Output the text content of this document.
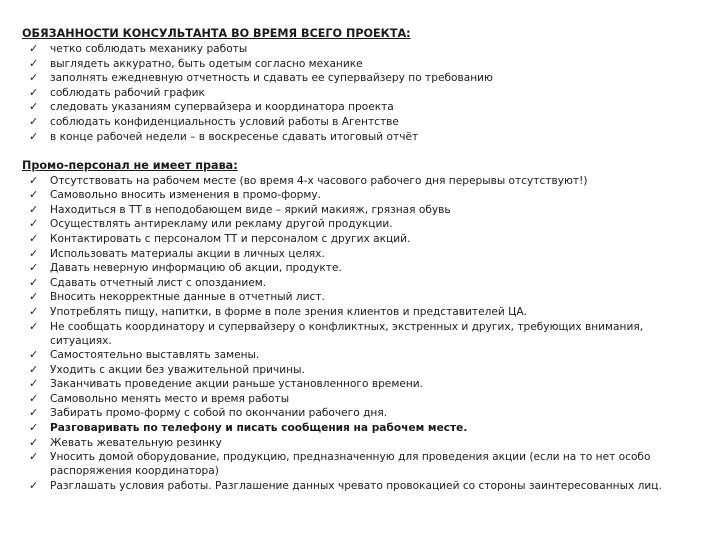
ОБЯЗАННОСТИ КОНСУЛЬТАНТА ВО ВРЕМЯ ВСЕГО ПРОЕКТА:

✓ четко соблюдать механику работы
✓ выглядеть аккуратно, быть одетым согласно механике
✓ заполнять ежедневную отчетность и сдавать ее супервайзеру по требованию
✓ соблюдать рабочий график
✓ следовать указаниям супервайзера и координатора проекта
✓ соблюдать конфиденциальность условий работы в Агентстве
✓ в конце рабочей недели – в воскресенье сдавать итоговый отчёт

Промо-персонал не имеет права:

✓ Отсутствовать на рабочем месте (во время 4-х часового рабочего дня перерывы отсутствуют!)
✓ Самовольно вносить изменения в промо-форму.
✓ Находиться в ТТ в неподобающем виде – яркий макияж, грязная обувь
✓ Осуществлять антирекламу или рекламу другой продукции.
✓ Контактировать с персоналом ТТ и персоналом с других акций.
✓ Использовать материалы акции в личных целях.
✓ Давать неверную информацию об акции, продукте.
✓ Сдавать отчетный лист с опозданием.
✓ Вносить некорректные данные в отчетный лист.
✓ Употреблять пищу, напитки, в форме в поле зрения клиентов и представителей ЦА.
✓ Не сообщать координатору и супервайзеру о конфликтных, экстренных и других, требующих внимания, ситуациях.
✓ Самостоятельно выставлять замены.
✓ Уходить с акции без уважительной причины.
✓ Заканчивать проведение акции раньше установленного времени.
✓ Самовольно менять место и время работы
✓ Забирать промо-форму с собой по окончании рабочего дня.
✓ Разговаривать по телефону и писать сообщения на рабочем месте.
✓ Жевать жевательную резинку
✓ Уносить домой оборудование, продукцию, предназначенную для проведения акции (если на то нет особо распоряжения координатора)
✓ Разглашать условия работы. Разглашение данных чревато провокацией со стороны заинтересованных лиц.
